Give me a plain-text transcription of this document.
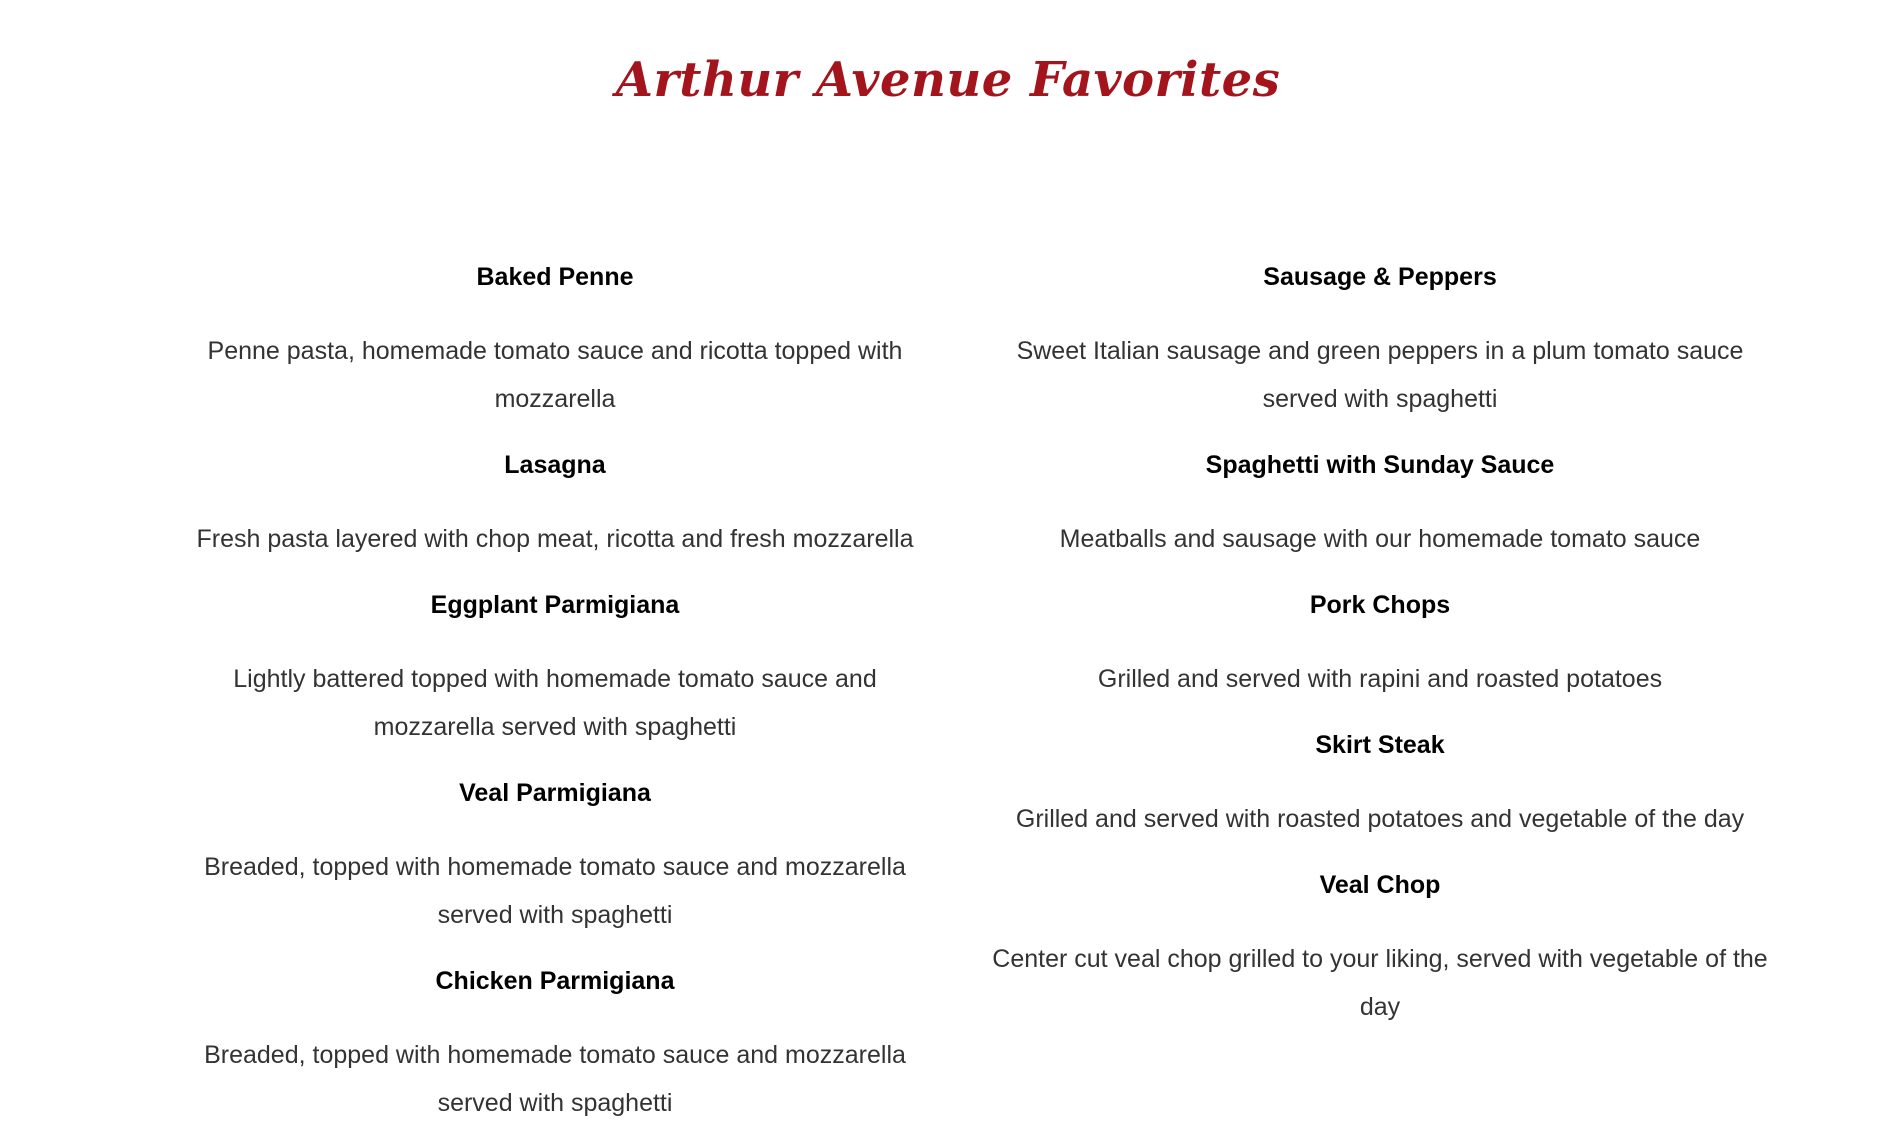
Arthur Avenue Favorites

Baked Penne

Penne pasta, homemade tomato sauce and ricotta topped with mozzarella

Lasagna

Fresh pasta layered with chop meat, ricotta and fresh mozzarella

Eggplant Parmigiana

Lightly battered topped with homemade tomato sauce and mozzarella served with spaghetti

Veal Parmigiana

Breaded, topped with homemade tomato sauce and mozzarella served with spaghetti

Chicken Parmigiana

Breaded, topped with homemade tomato sauce and mozzarella served with spaghetti

Sausage & Peppers

Sweet Italian sausage and green peppers in a plum tomato sauce served with spaghetti

Spaghetti with Sunday Sauce

Meatballs and sausage with our homemade tomato sauce

Pork Chops

Grilled and served with rapini and roasted potatoes

Skirt Steak

Grilled and served with roasted potatoes and vegetable of the day

Veal Chop

Center cut veal chop grilled to your liking, served with vegetable of the day
